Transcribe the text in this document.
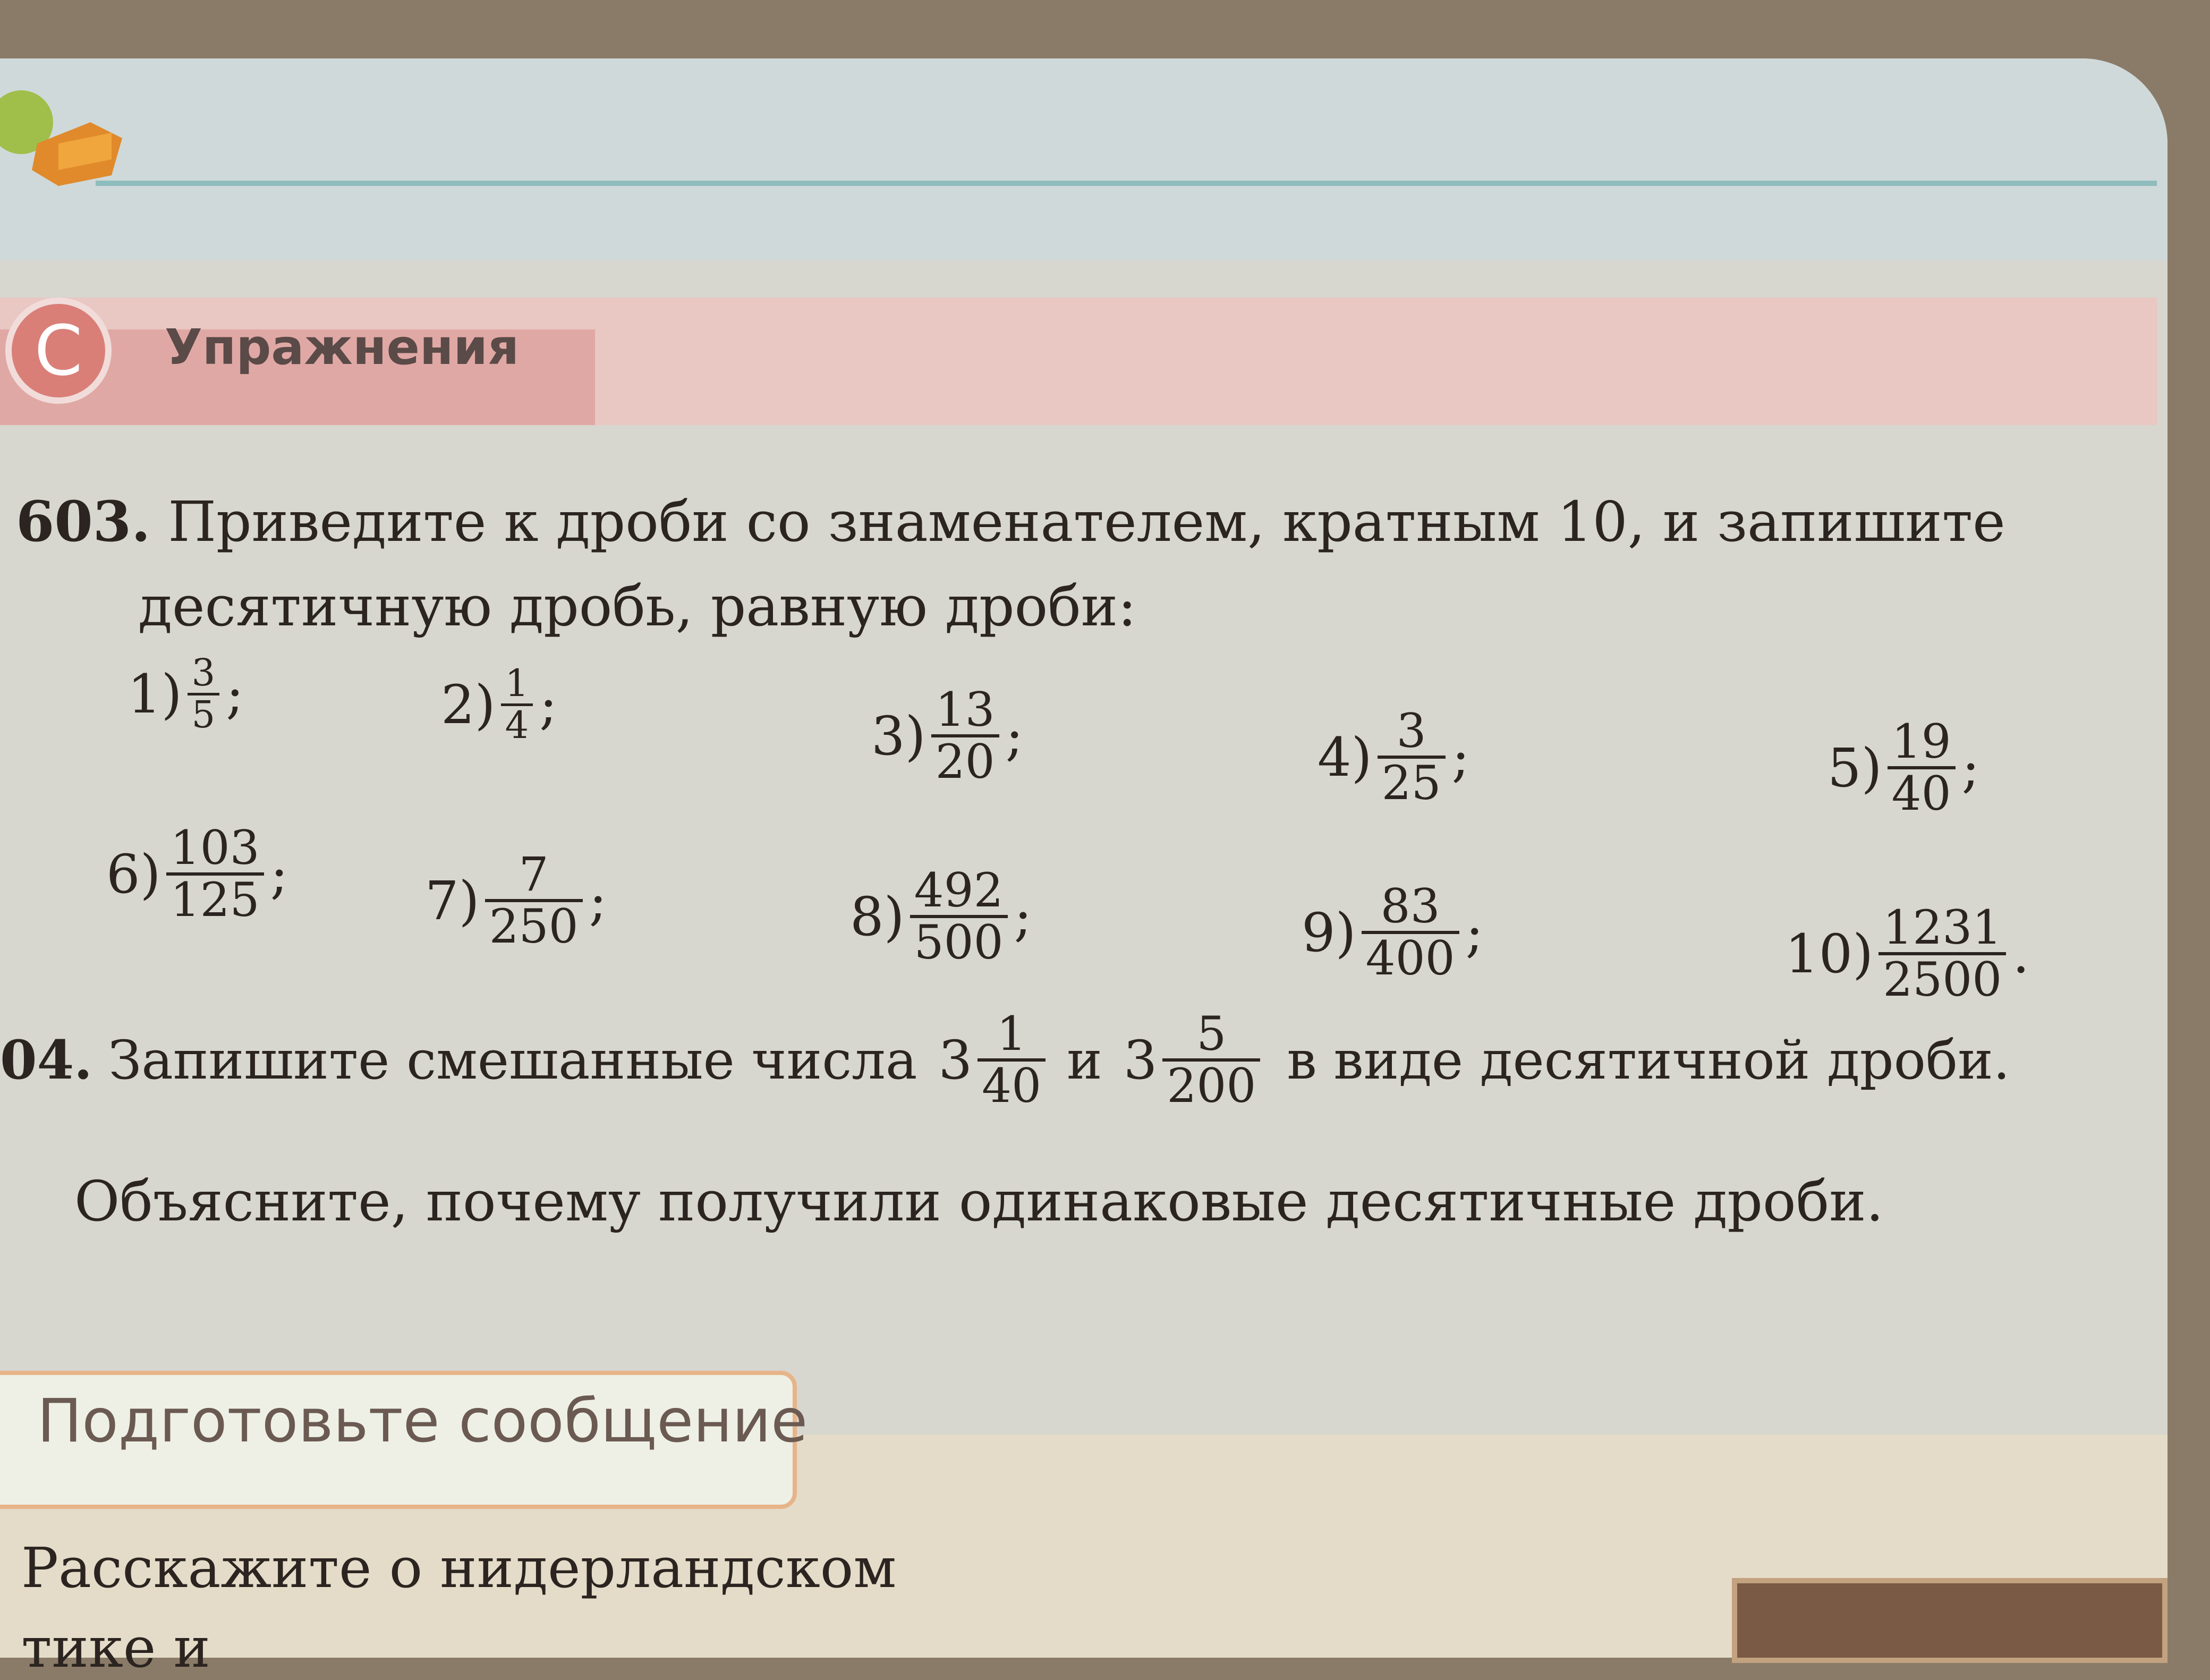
C	Упражнения
603. Приведите к дроби со знаменателем, кратным 10, и запишите
десятичную дробь, равную дроби:
$1) \frac{3}{5}$ ;	$2) \frac{1}{4}$ ;
$3) \frac{13}{20}$ ;	$4) \frac{3}{25}$ ;	$5) \frac{19}{40}$ ;
$6) \frac{103}{125}$ ;	$7) \frac{7}{250}$ ;	$8) \frac{492}{500}$ ;	$9) \frac{83}{400}$ ;	$10) \frac{1231}{2500}$ .
04. Запишите смешанные числа $3 \frac{1}{40}$ и $3 \frac{5}{200}$ в виде десятичной дроби.
Объясните, почему получили одинаковые десятичные дроби.
Подготовьте сообщение
Расскажите о нидерландском
тике и
